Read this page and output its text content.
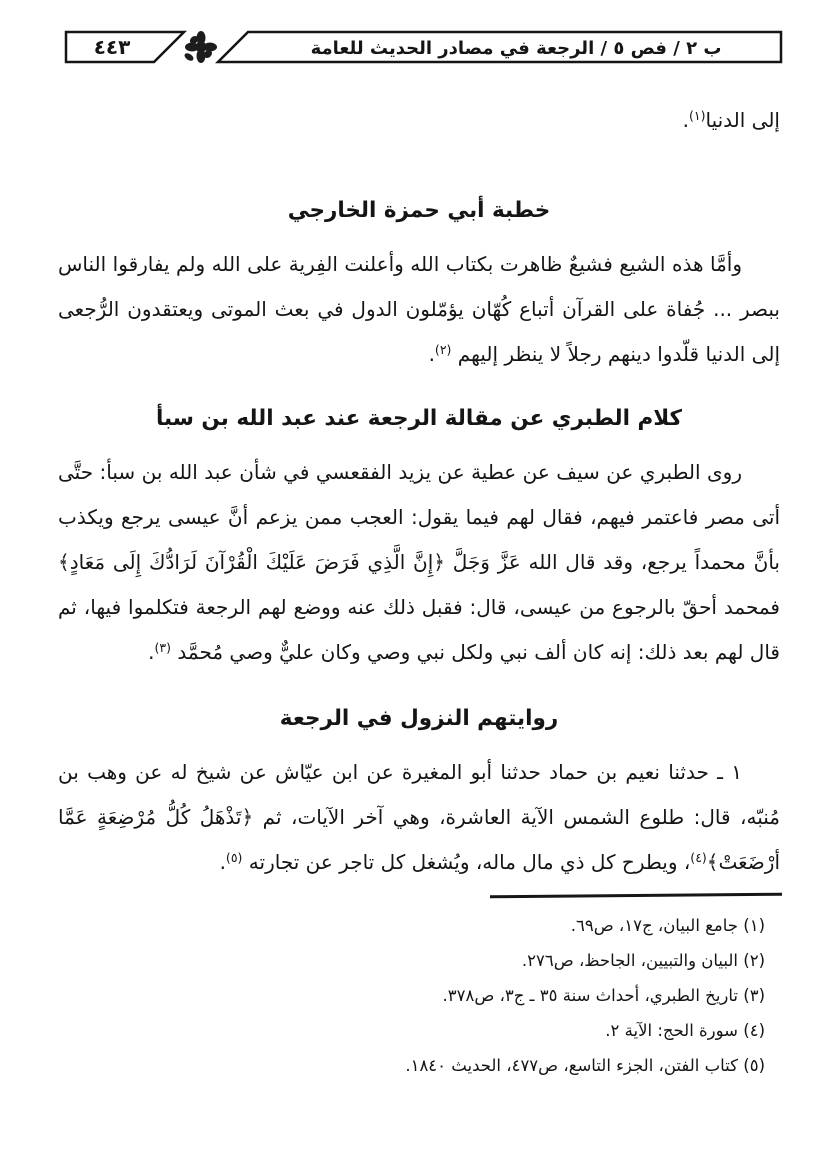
٤٤٣	ب ٢ / فص ٥ / الرجعة في مصادر الحديث للعامة

إلى الدنيا$^{(١)}$.

خطبة أبي حمزة الخارجي

وأمَّا هذه الشيع فشيعٌ ظاهرت بكتاب الله وأعلنت الفِرية على الله ولم يفارقوا الناس ببصر ... جُفاة على القرآن أتباع كُهّان يؤمّلون الدول في بعث الموتى ويعتقدون الرُّجعى إلى الدنيا قلّدوا دينهم رجلاً لا ينظر إليهم $^{(٢)}$.

كلام الطبري عن مقالة الرجعة عند عبد الله بن سبأ

روى الطبري عن سيف عن عطية عن يزيد الفقعسي في شأن عبد الله بن سبأ: حتَّى أتى مصر فاعتمر فيهم، فقال لهم فيما يقول: العجب ممن يزعم أنَّ عيسى يرجع ويكذب بأنَّ محمداً يرجع، وقد قال الله عَزَّ وَجَلَّ ﴿إِنَّ الَّذِي فَرَضَ عَلَيْكَ الْقُرْآنَ لَرَادُّكَ إِلَى مَعَادٍ﴾ فمحمد أحقّ بالرجوع من عيسى، قال: فقبل ذلك عنه ووضع لهم الرجعة فتكلموا فيها، ثم قال لهم بعد ذلك: إنه كان ألف نبي ولكل نبي وصي وكان عليٌّ وصي مُحمَّد $^{(٣)}$.

روايتهم النزول في الرجعة

١ ـ حدثنا نعيم بن حماد حدثنا أبو المغيرة عن ابن عيّاش عن شيخ له عن وهب بن مُنبّه، قال: طلوع الشمس الآية العاشرة، وهي آخر الآيات، ثم ﴿تَذْهَلُ كُلُّ مُرْضِعَةٍ عَمَّا أرْضَعَتْ﴾$^{(٤)}$، ويطرح كل ذي مال ماله، ويُشغل كل تاجر عن تجارته $^{(٥)}$.

(١) جامع البيان، ج١٧، ص٦٩.
(٢) البيان والتبيين، الجاحظ، ص٢٧٦.
(٣) تاريخ الطبري، أحداث سنة ٣٥ ـ ج٣، ص٣٧٨.
(٤) سورة الحج: الآية ٢.
(٥) كتاب الفتن، الجزء التاسع، ص٤٧٧، الحديث ١٨٤٠.
